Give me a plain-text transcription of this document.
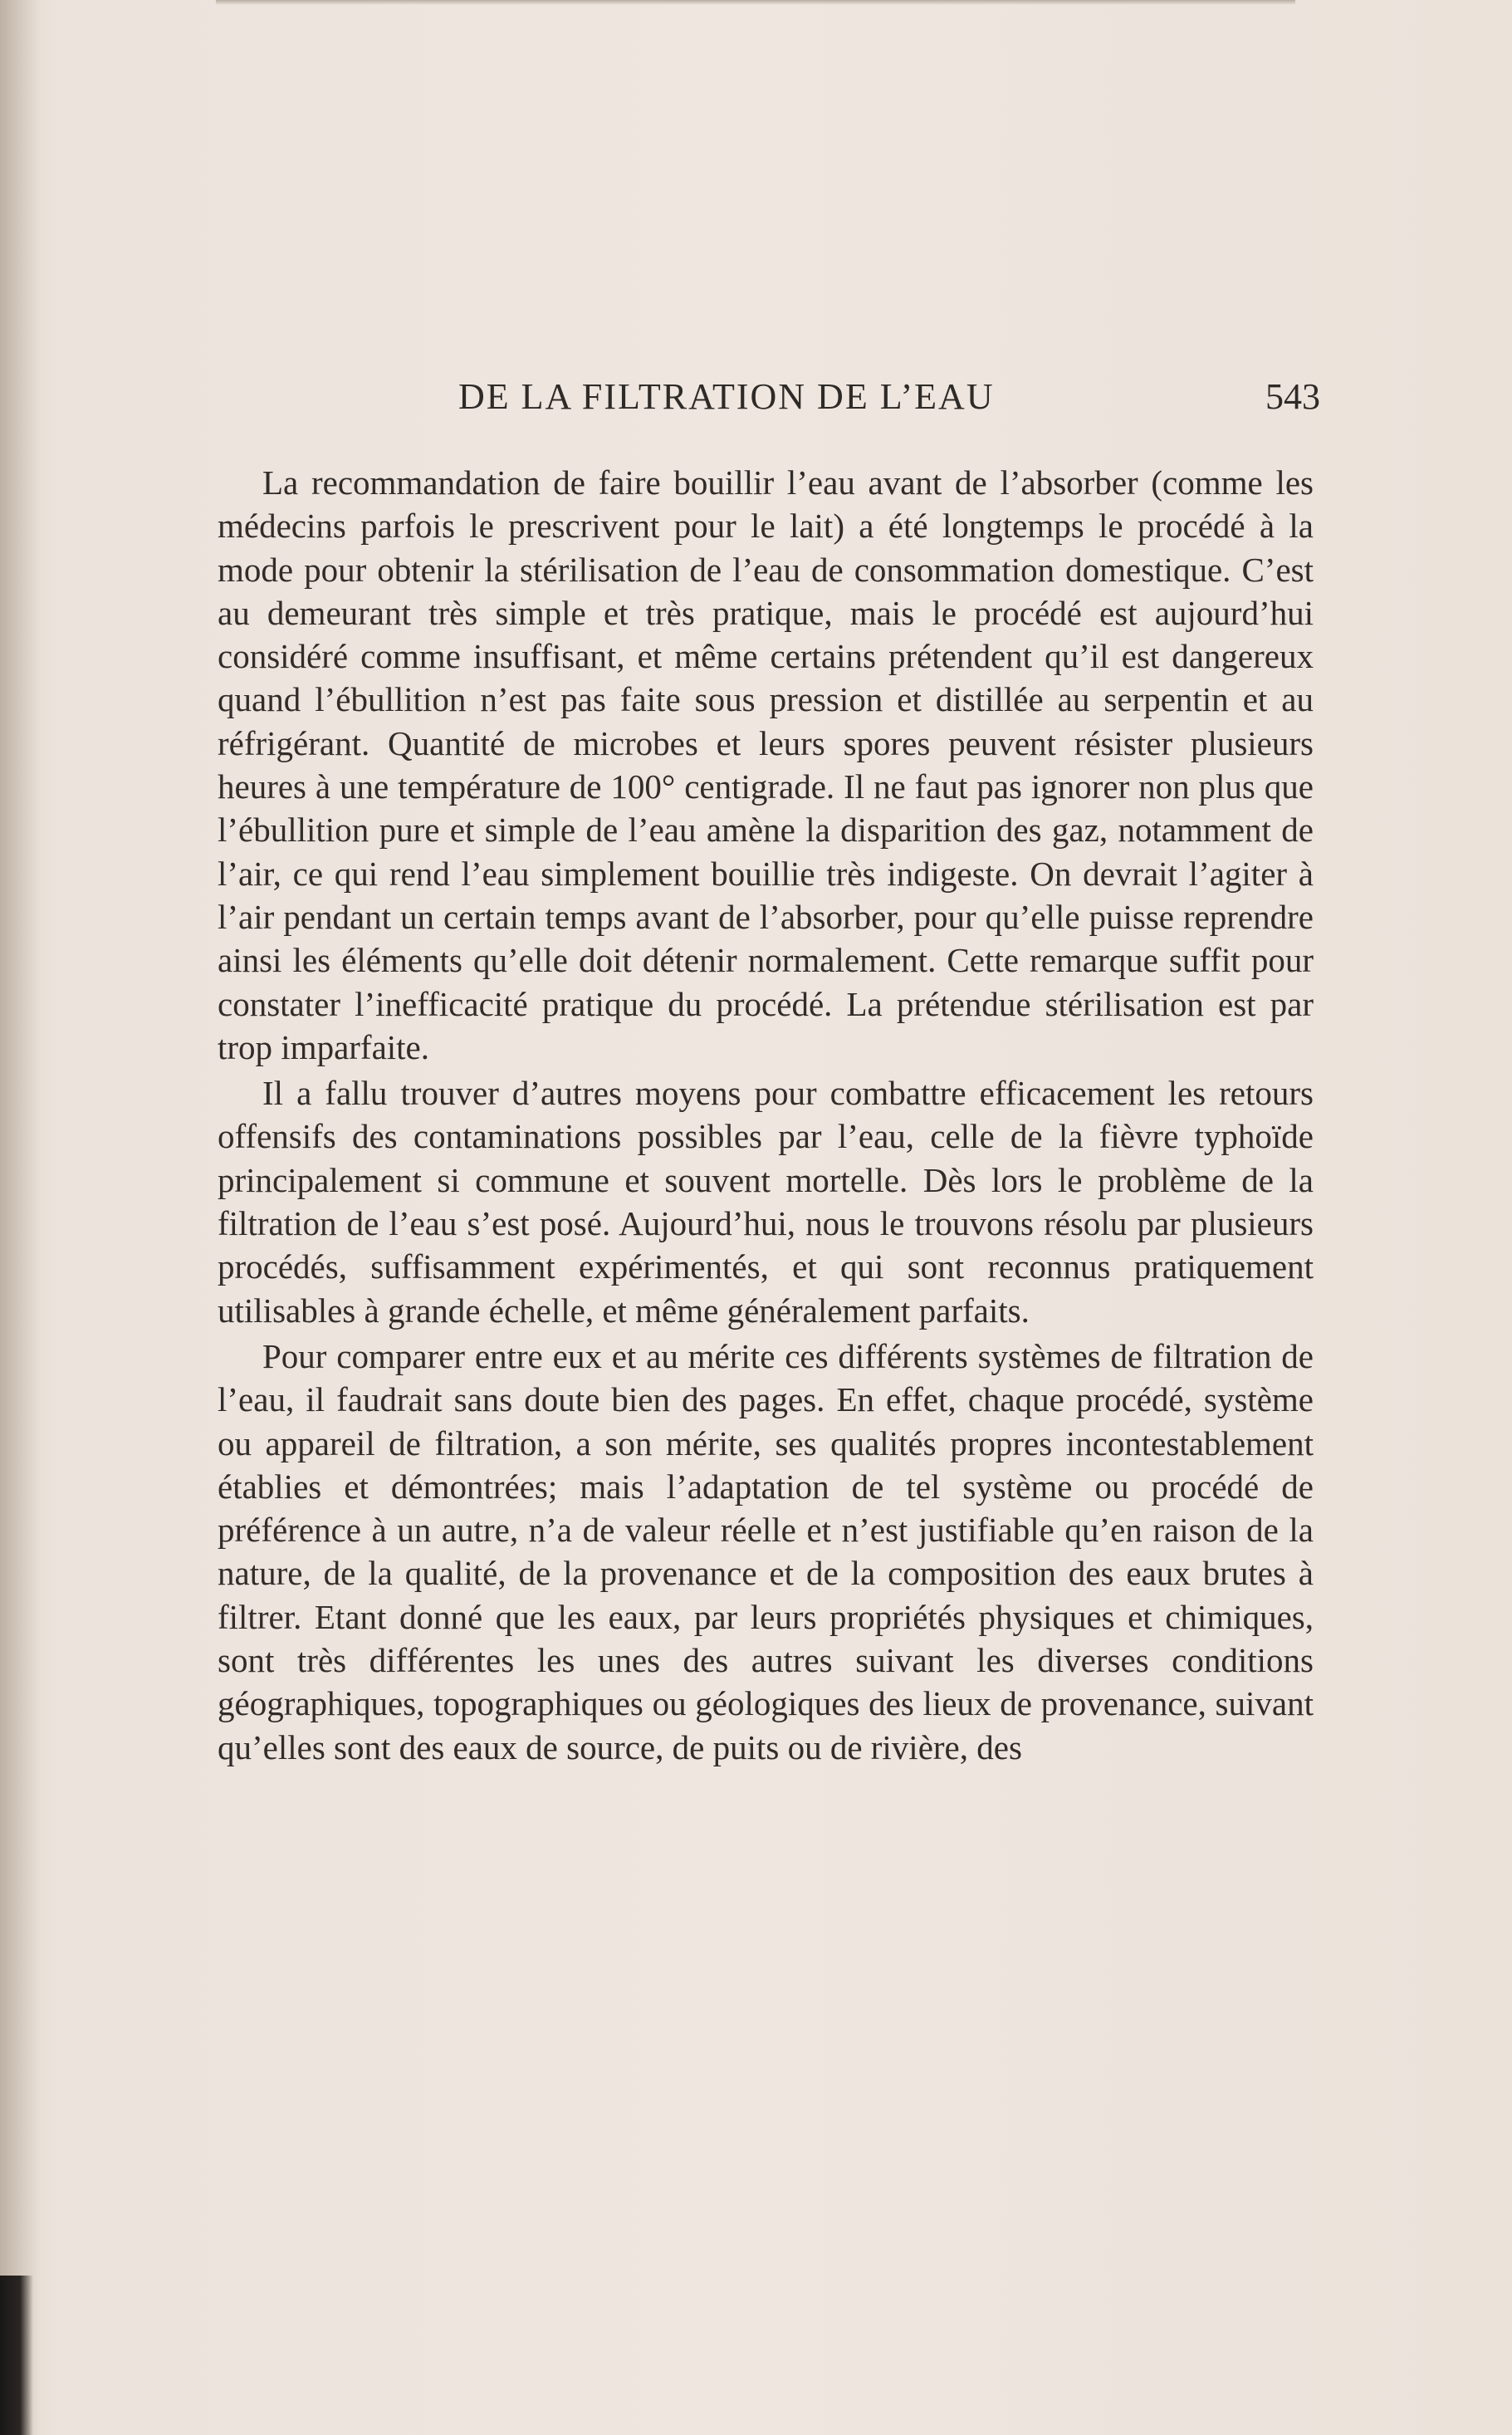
DE LA FILTRATION DE L’EAU	543

La recommandation de faire bouillir l’eau avant de l’absorber (comme les médecins parfois le prescrivent pour le lait) a été longtemps le procédé à la mode pour obtenir la stérilisation de l’eau de consommation domestique. C’est au demeurant très simple et très pratique, mais le procédé est aujourd’hui considéré comme insuffisant, et même certains prétendent qu’il est dangereux quand l’ébullition n’est pas faite sous pression et distillée au serpentin et au réfrigérant. Quantité de microbes et leurs spores peuvent résister plusieurs heures à une température de 100° centigrade. Il ne faut pas ignorer non plus que l’ébullition pure et simple de l’eau amène la disparition des gaz, notamment de l’air, ce qui rend l’eau simplement bouillie très indigeste. On devrait l’agiter à l’air pendant un certain temps avant de l’absorber, pour qu’elle puisse reprendre ainsi les éléments qu’elle doit détenir normalement. Cette remarque suffit pour constater l’inefficacité pratique du procédé. La prétendue stérilisation est par trop imparfaite.

Il a fallu trouver d’autres moyens pour combattre efficacement les retours offensifs des contaminations possibles par l’eau, celle de la fièvre typhoïde principalement si commune et souvent mortelle. Dès lors le problème de la filtration de l’eau s’est posé. Aujourd’hui, nous le trouvons résolu par plusieurs procédés, suffisamment expérimentés, et qui sont reconnus pratiquement utilisables à grande échelle, et même généralement parfaits.

Pour comparer entre eux et au mérite ces différents systèmes de filtration de l’eau, il faudrait sans doute bien des pages. En effet, chaque procédé, système ou appareil de filtration, a son mérite, ses qualités propres incontestablement établies et démontrées; mais l’adaptation de tel système ou procédé de préférence à un autre, n’a de valeur réelle et n’est justifiable qu’en raison de la nature, de la qualité, de la provenance et de la composition des eaux brutes à filtrer. Etant donné que les eaux, par leurs propriétés physiques et chimiques, sont très différentes les unes des autres suivant les diverses conditions géographiques, topographiques ou géologiques des lieux de provenance, suivant qu’elles sont des eaux de source, de puits ou de rivière, des
